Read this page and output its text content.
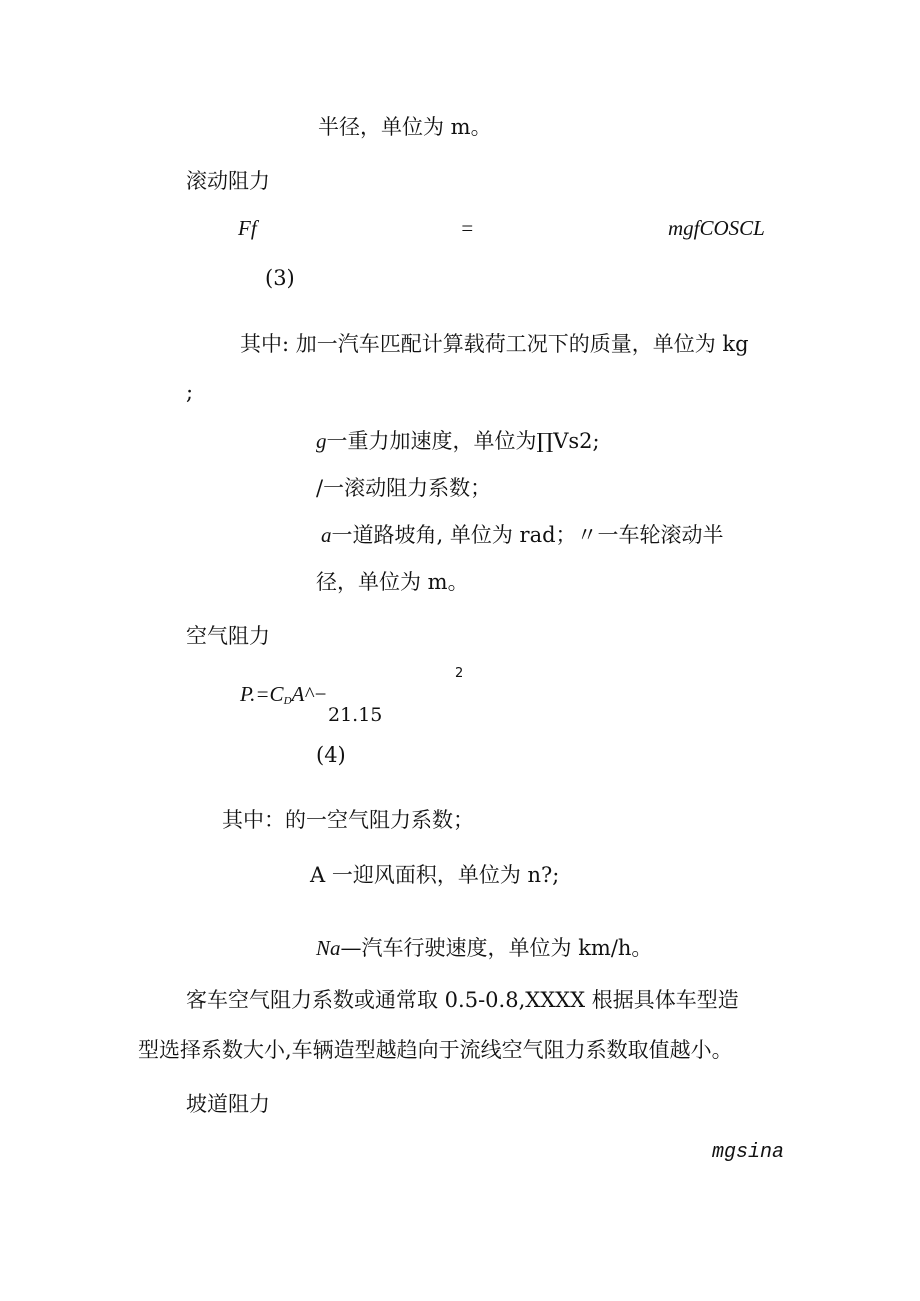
半径，单位为 m。
滚动阻力
Ff	=	mgfCOSCL
(3)
其中: 加一汽车匹配计算载荷工况下的质量，单位为 kg
;
g一重力加速度，单位为∏Vs2;
/一滚动阻力系数；
a一道路坡角, 单位为 rad；〃一车轮滚动半
径，单位为 m。
空气阻力
$P.=C_DA\^{}-$
2
21.15
(4)
其中：的一空气阻力系数；
A 一迎风面积，单位为 n?;
Na—汽车行驶速度，单位为 km/h。
客车空气阻力系数或通常取 0.5-0.8,XXXX 根据具体车型造
型选择系数大小,车辆造型越趋向于流线空气阻力系数取值越小。
坡道阻力
mgsina
